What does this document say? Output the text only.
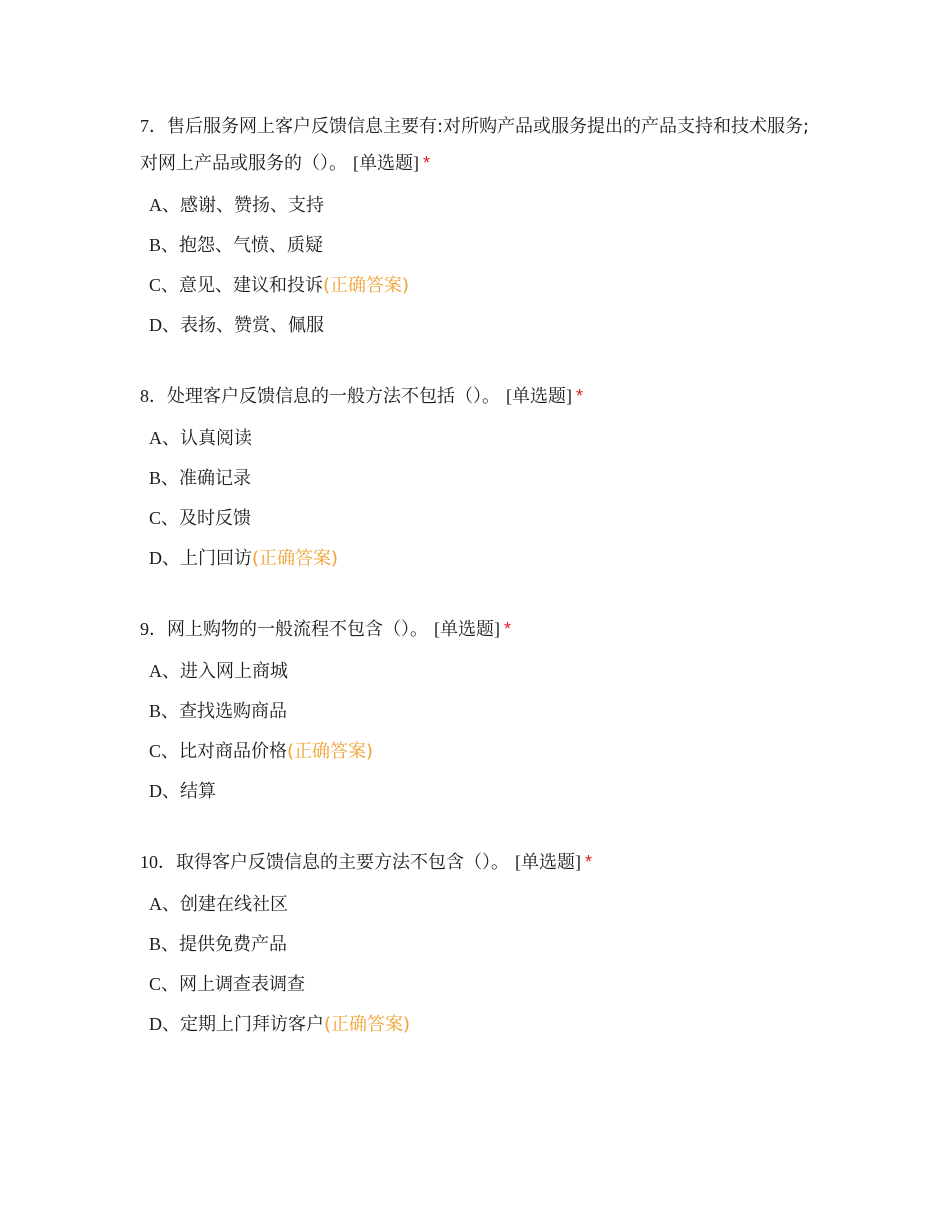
7．售后服务网上客户反馈信息主要有:对所购产品或服务提出的产品支持和技术服务;对网上产品或服务的（）。 [单选题] *
A、感谢、赞扬、支持
B、抱怨、气愤、质疑
C、意见、建议和投诉(正确答案)
D、表扬、赞赏、佩服
8．处理客户反馈信息的一般方法不包括（）。 [单选题] *
A、认真阅读
B、准确记录
C、及时反馈
D、上门回访(正确答案)
9．网上购物的一般流程不包含（）。 [单选题] *
A、进入网上商城
B、查找选购商品
C、比对商品价格(正确答案)
D、结算
10．取得客户反馈信息的主要方法不包含（）。 [单选题] *
A、创建在线社区
B、提供免费产品
C、网上调查表调查
D、定期上门拜访客户(正确答案)
